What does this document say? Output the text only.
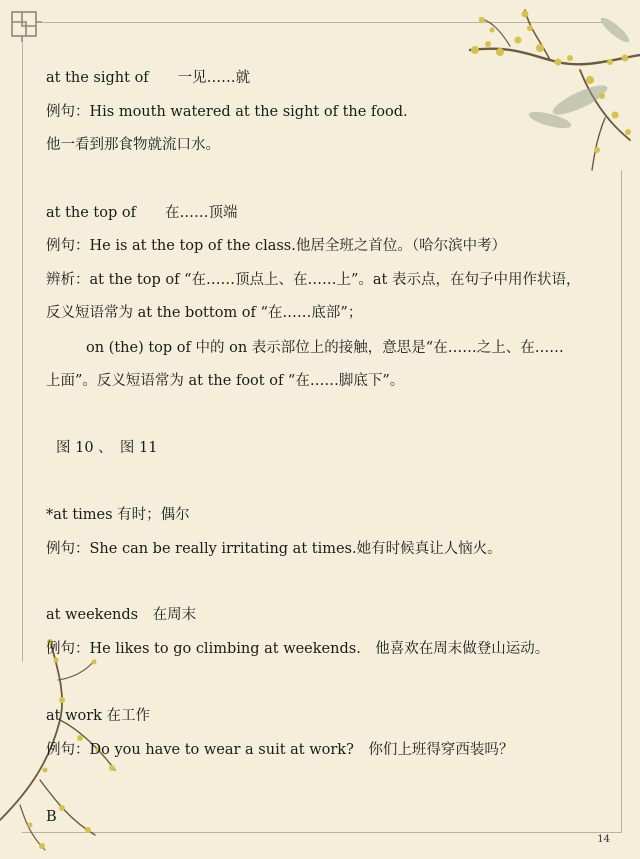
at the sight of　　一见……就
例句：His mouth watered at the sight of the food.
他一看到那食物就流口水。
at the top of　　在……顶端
例句：He is at the top of the class.他居全班之首位。（哈尔滨中考）
辨析：at the top of “在……顶点上、在……上”。at 表示点，在句子中用作状语，
反义短语常为 at the bottom of “在……底部”；
on (the) top of 中的 on 表示部位上的接触，意思是“在……之上、在……
上面”。反义短语常为 at the foot of “在……脚底下”。
图 10 、　图 11
*at times 有时；偶尔
例句：She can be really irritating at times.她有时候真让人恼火。
at weekends　在周末
例句：He likes to go climbing at weekends.　他喜欢在周末做登山运动。
at work 在工作
例句：Do you have to wear a suit at work?　你们上班得穿西装吗？
B
14
